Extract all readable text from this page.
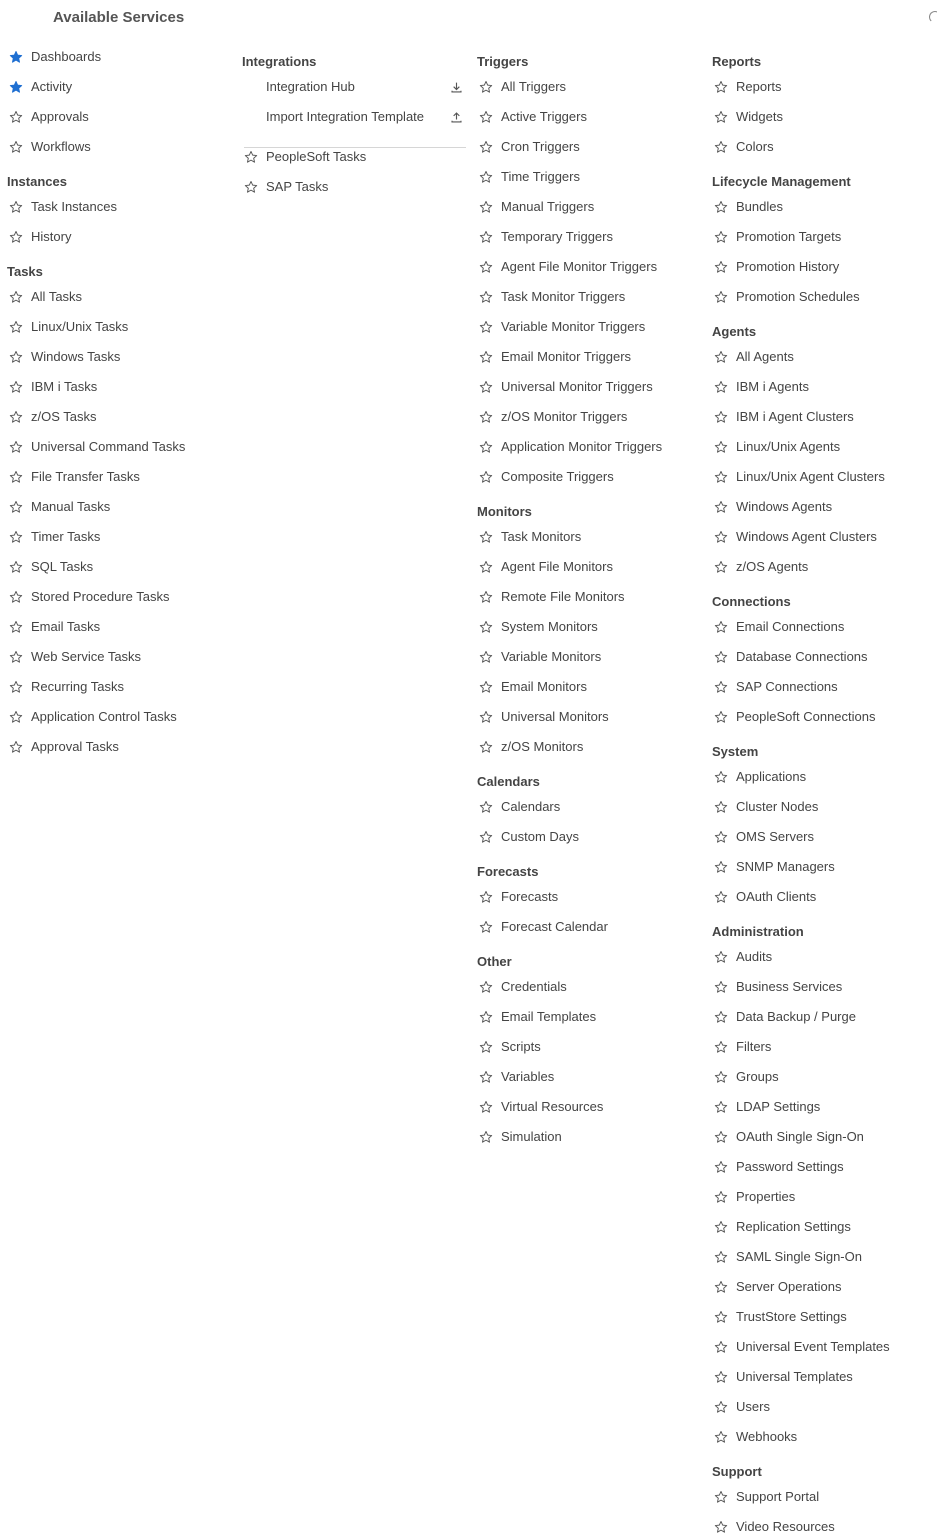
Available Services
Dashboards
Activity
Approvals
Workflows
Instances
Task Instances
History
Tasks
All Tasks
Linux/Unix Tasks
Windows Tasks
IBM i Tasks
z/OS Tasks
Universal Command Tasks
File Transfer Tasks
Manual Tasks
Timer Tasks
SQL Tasks
Stored Procedure Tasks
Email Tasks
Web Service Tasks
Recurring Tasks
Application Control Tasks
Approval Tasks
Integrations
Integration Hub
Import Integration Template
PeopleSoft Tasks
SAP Tasks
Triggers
All Triggers
Active Triggers
Cron Triggers
Time Triggers
Manual Triggers
Temporary Triggers
Agent File Monitor Triggers
Task Monitor Triggers
Variable Monitor Triggers
Email Monitor Triggers
Universal Monitor Triggers
z/OS Monitor Triggers
Application Monitor Triggers
Composite Triggers
Monitors
Task Monitors
Agent File Monitors
Remote File Monitors
System Monitors
Variable Monitors
Email Monitors
Universal Monitors
z/OS Monitors
Calendars
Calendars
Custom Days
Forecasts
Forecasts
Forecast Calendar
Other
Credentials
Email Templates
Scripts
Variables
Virtual Resources
Simulation
Reports
Reports
Widgets
Colors
Lifecycle Management
Bundles
Promotion Targets
Promotion History
Promotion Schedules
Agents
All Agents
IBM i Agents
IBM i Agent Clusters
Linux/Unix Agents
Linux/Unix Agent Clusters
Windows Agents
Windows Agent Clusters
z/OS Agents
Connections
Email Connections
Database Connections
SAP Connections
PeopleSoft Connections
System
Applications
Cluster Nodes
OMS Servers
SNMP Managers
OAuth Clients
Administration
Audits
Business Services
Data Backup / Purge
Filters
Groups
LDAP Settings
OAuth Single Sign-On
Password Settings
Properties
Replication Settings
SAML Single Sign-On
Server Operations
TrustStore Settings
Universal Event Templates
Universal Templates
Users
Webhooks
Support
Support Portal
Video Resources
